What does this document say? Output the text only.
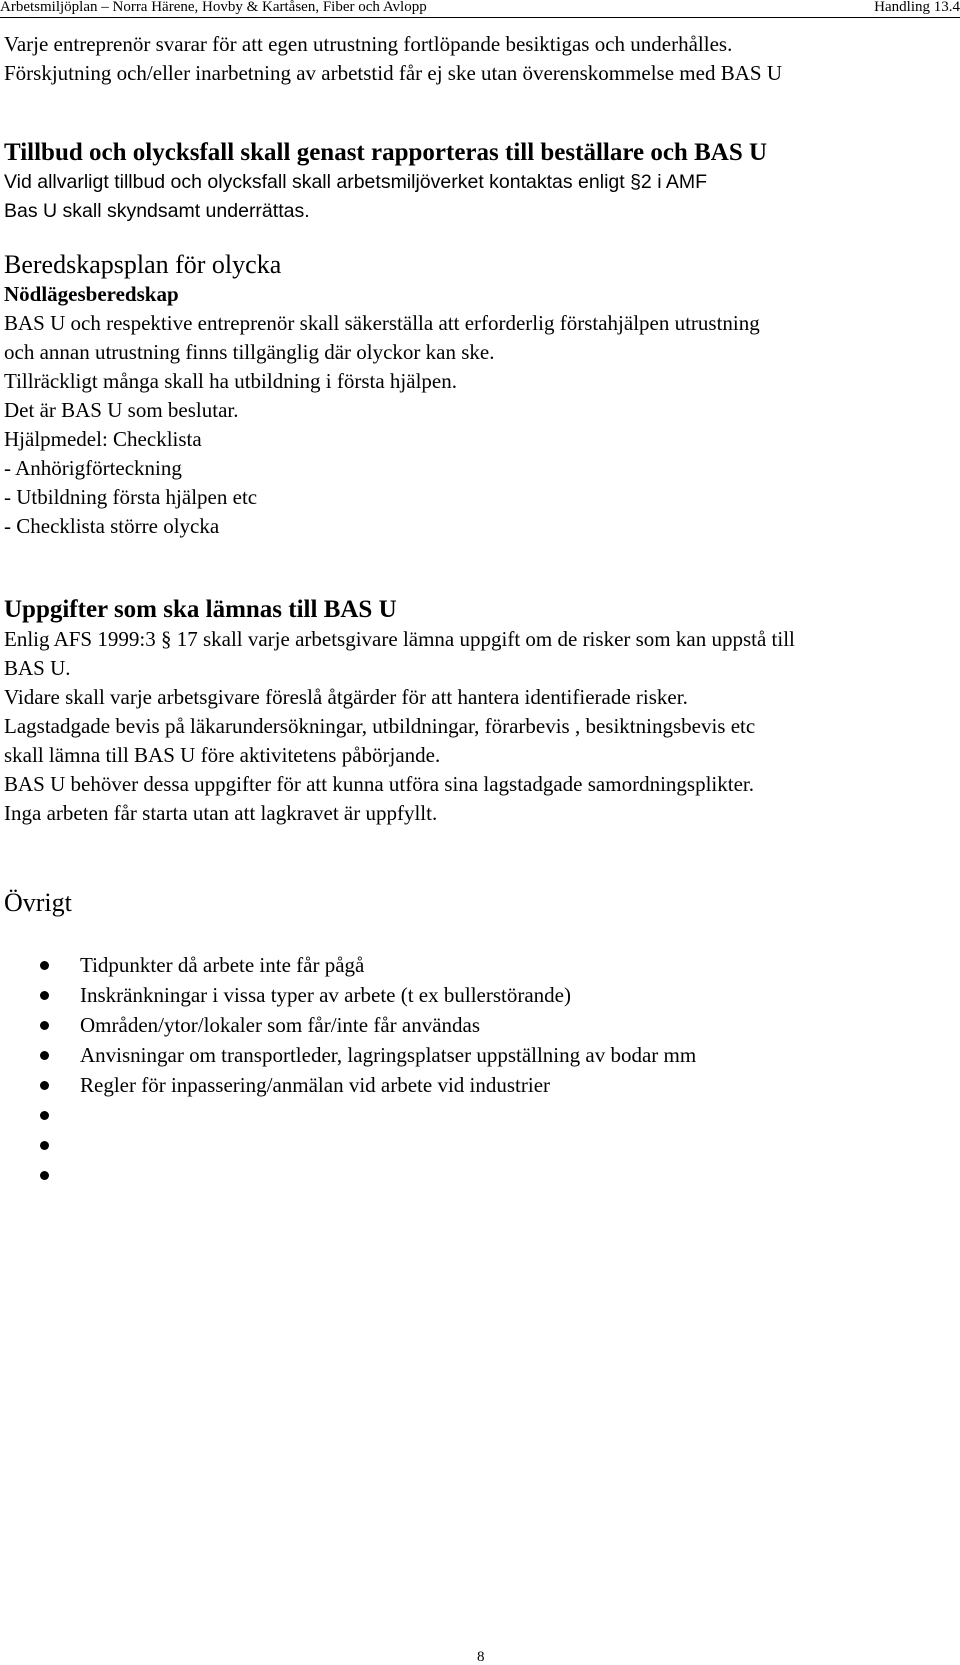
Arbetsmiljöplan – Norra Härene, Hovby & Kartåsen, Fiber och Avlopp	Handling 13.4
Varje entreprenör svarar för att egen utrustning fortlöpande besiktigas och underhålles.
Förskjutning och/eller inarbetning av arbetstid får ej ske utan överenskommelse med BAS U
Tillbud och olycksfall skall genast rapporteras till beställare och BAS U
Vid allvarligt tillbud och olycksfall skall arbetsmiljöverket kontaktas enligt §2 i AMF
Bas U skall skyndsamt underrättas.
Beredskapsplan för olycka
Nödlägesberedskap
BAS U och respektive entreprenör skall säkerställa att erforderlig förstahjälpen utrustning
och annan utrustning finns tillgänglig där olyckor kan ske.
Tillräckligt många skall ha utbildning i första hjälpen.
Det är BAS U som beslutar.
Hjälpmedel: Checklista
- Anhörigförteckning
- Utbildning första hjälpen etc
- Checklista större olycka
Uppgifter som ska lämnas till BAS U
Enlig AFS 1999:3 § 17 skall varje arbetsgivare lämna uppgift om de risker som kan uppstå till
BAS U.
Vidare skall varje arbetsgivare föreslå åtgärder för att hantera identifierade risker.
Lagstadgade bevis på läkarundersökningar, utbildningar, förarbevis , besiktningsbevis etc
skall lämna till BAS U före aktivitetens påbörjande.
BAS U behöver dessa uppgifter för att kunna utföra sina lagstadgade samordningsplikter.
Inga arbeten får starta utan att lagkravet är uppfyllt.
Övrigt
Tidpunkter då arbete inte får pågå
Inskränkningar i vissa typer av arbete (t ex bullerstörande)
Områden/ytor/lokaler som får/inte får användas
Anvisningar om transportleder, lagringsplatser uppställning av bodar mm
Regler för inpassering/anmälan vid arbete vid industrier
8
